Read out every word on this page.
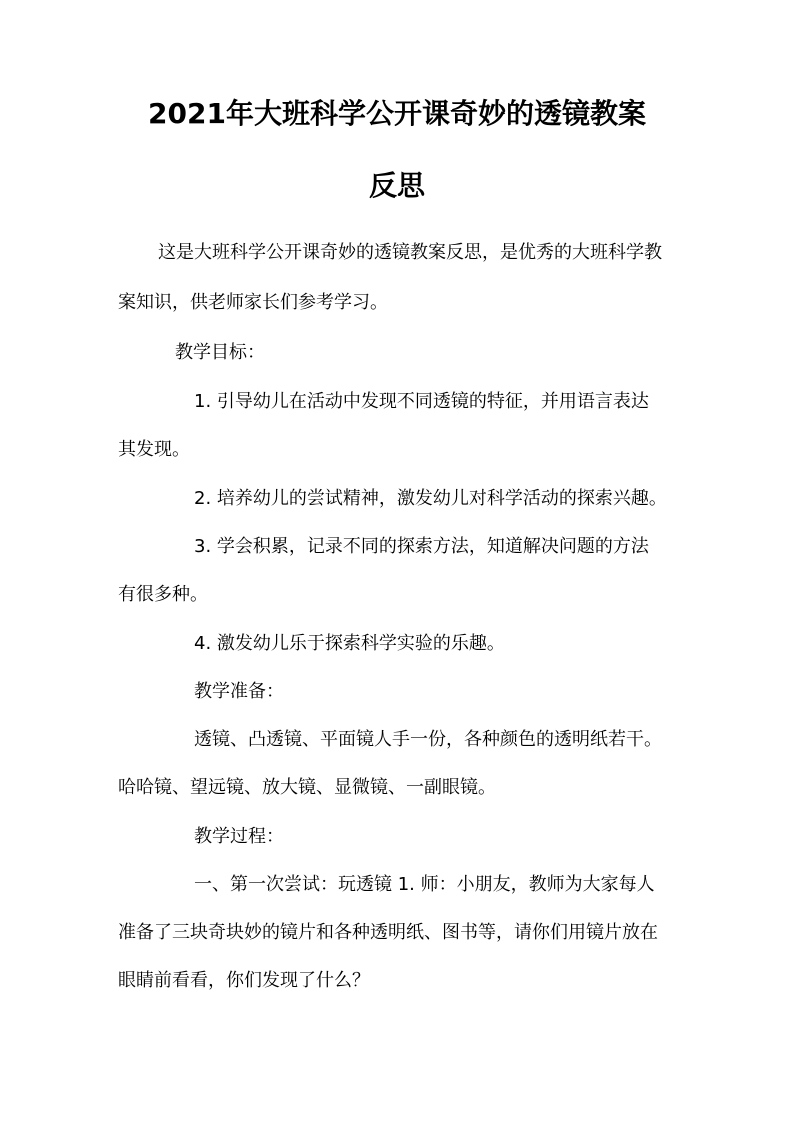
2021年大班科学公开课奇妙的透镜教案
反思
这是大班科学公开课奇妙的透镜教案反思，是优秀的大班科学教
案知识，供老师家长们参考学习。
教学目标：
1. 引导幼儿在活动中发现不同透镜的特征，并用语言表达
其发现。
2. 培养幼儿的尝试精神，激发幼儿对科学活动的探索兴趣。
3. 学会积累，记录不同的探索方法，知道解决问题的方法
有很多种。
4. 激发幼儿乐于探索科学实验的乐趣。
教学准备：
透镜、凸透镜、平面镜人手一份，各种颜色的透明纸若干。
哈哈镜、望远镜、放大镜、显微镜、一副眼镜。
教学过程：
一、第一次尝试：玩透镜 1. 师：小朋友，教师为大家每人
准备了三块奇块妙的镜片和各种透明纸、图书等，请你们用镜片放在
眼睛前看看，你们发现了什么？
